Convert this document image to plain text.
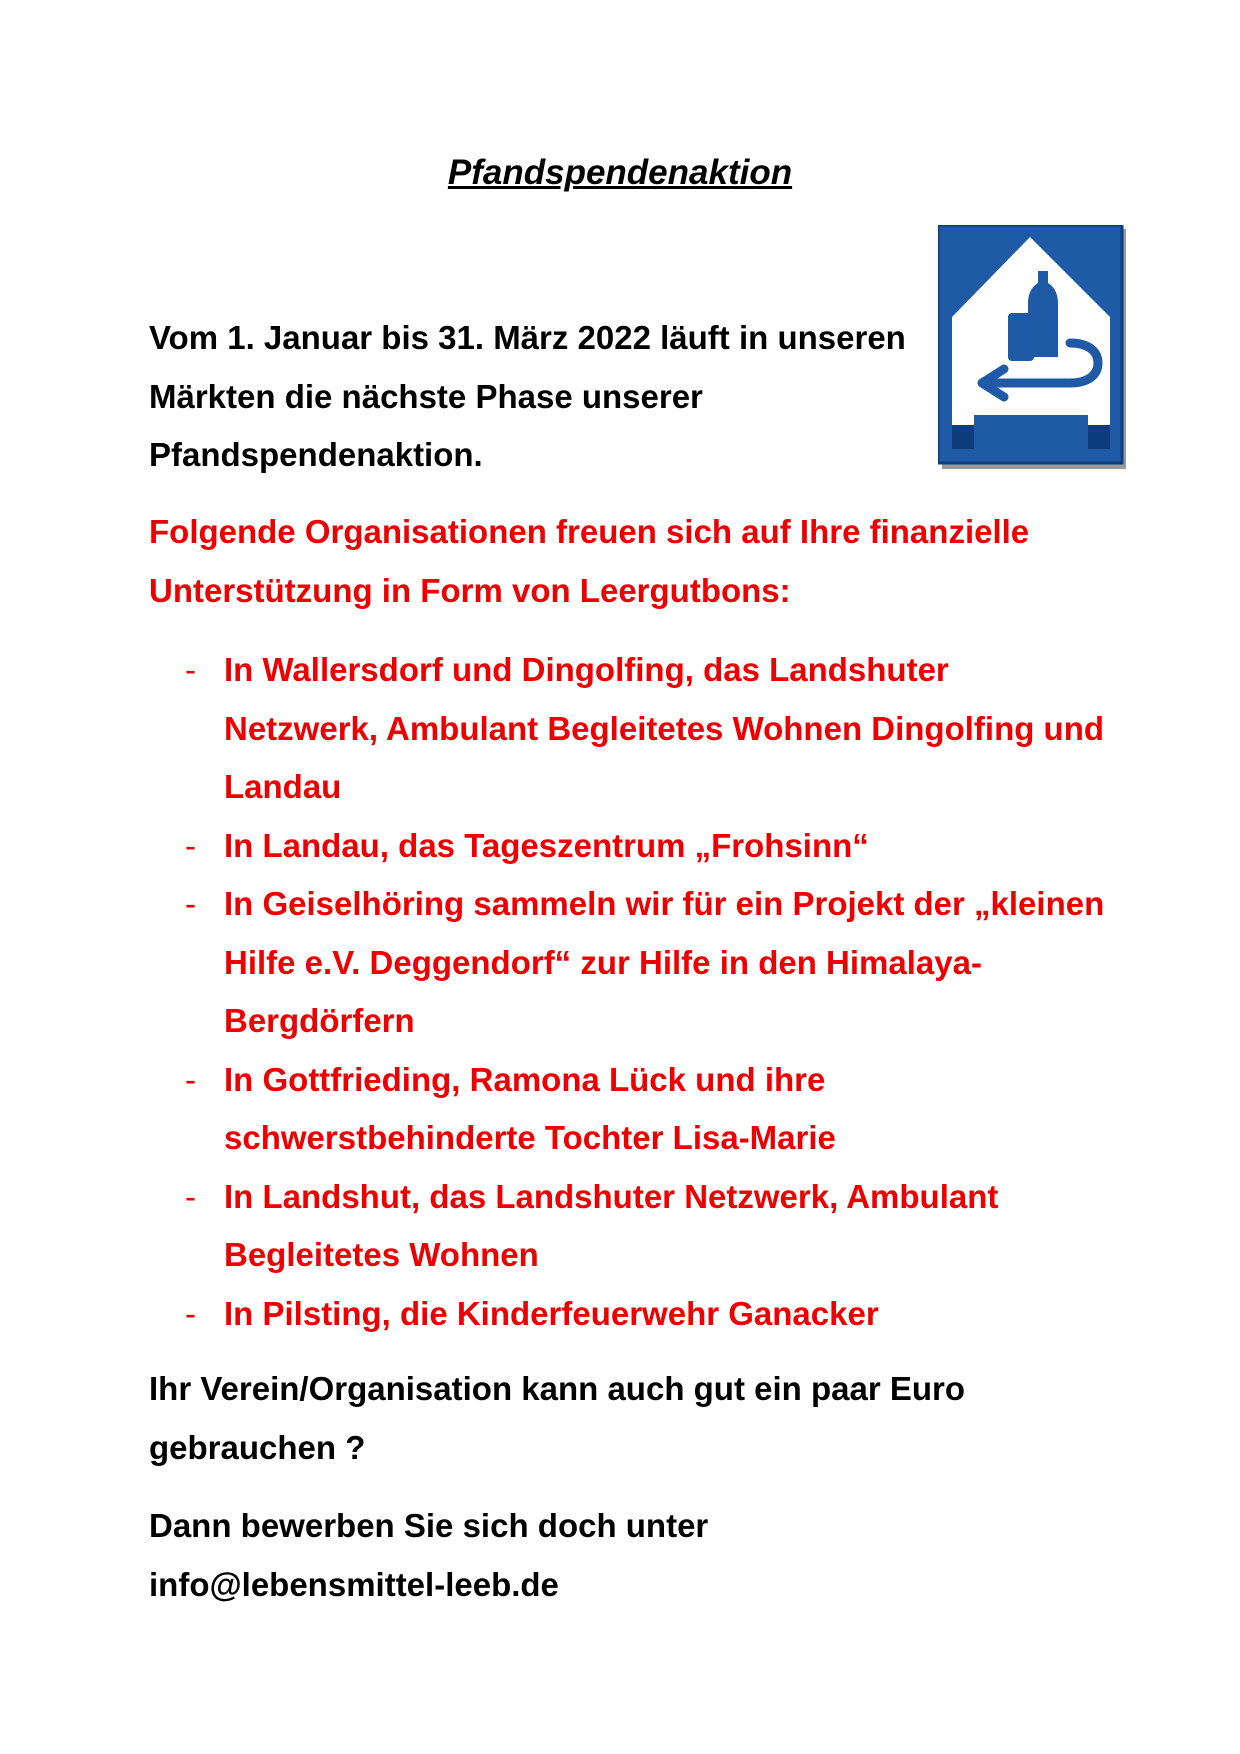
Pfandspendenaktion

Vom 1. Januar bis 31. März 2022 läuft in unseren Märkten die nächste Phase unserer Pfandspendenaktion.

Folgende Organisationen freuen sich auf Ihre finanzielle Unterstützung in Form von Leergutbons:

- In Wallersdorf und Dingolfing, das Landshuter Netzwerk, Ambulant Begleitetes Wohnen Dingolfing und Landau
- In Landau, das Tageszentrum „Frohsinn“
- In Geiselhöring sammeln wir für ein Projekt der „kleinen Hilfe e.V. Deggendorf“ zur Hilfe in den Himalaya-Bergdörfern
- In Gottfrieding, Ramona Lück und ihre schwerstbehinderte Tochter Lisa-Marie
- In Landshut, das Landshuter Netzwerk, Ambulant Begleitetes Wohnen
- In Pilsting, die Kinderfeuerwehr Ganacker

Ihr Verein/Organisation kann auch gut ein paar Euro gebrauchen ?

Dann bewerben Sie sich doch unter
info@lebensmittel-leeb.de
